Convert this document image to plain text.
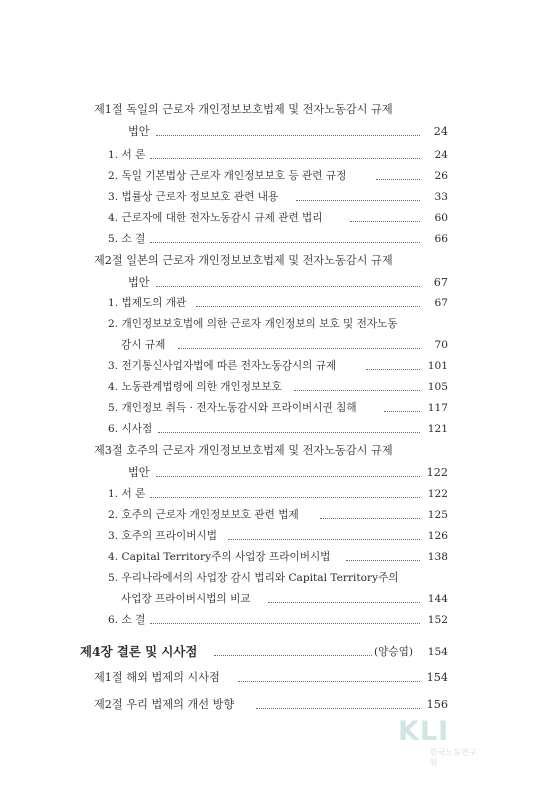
제1절 독일의 근로자 개인정보보호법제 및 전자노동감시 규제
법안	24
1. 서 론	24
2. 독일 기본법상 근로자 개인정보보호 등 관련 규정	26
3. 법률상 근로자 정보보호 관련 내용	33
4. 근로자에 대한 전자노동감시 규제 관련 법리	60
5. 소 결	66
제2절 일본의 근로자 개인정보보호법제 및 전자노동감시 규제
법안	67
1. 법제도의 개관	67
2. 개인정보보호법에 의한 근로자 개인정보의 보호 및 전자노동
감시 규제	70
3. 전기통신사업자법에 따른 전자노동감시의 규제	101
4. 노동관계법령에 의한 개인정보보호	105
5. 개인정보 취득 · 전자노동감시와 프라이버시권 침해	117
6. 시사점	121
제3절 호주의 근로자 개인정보보호법제 및 전자노동감시 규제
법안	122
1. 서 론	122
2. 호주의 근로자 개인정보보호 관련 법제	125
3. 호주의 프라이버시법	126
4. Capital Territory주의 사업장 프라이버시법	138
5. 우리나라에서의 사업장 감시 법리와 Capital Territory주의
사업장 프라이버시법의 비교	144
6. 소 결	152
제4장 결론 및 시사점	(양승엽) 154
제1절 해외 법제의 시사점	154
제2절 우리 법제의 개선 방향	156
KLI
한국노동연구원
